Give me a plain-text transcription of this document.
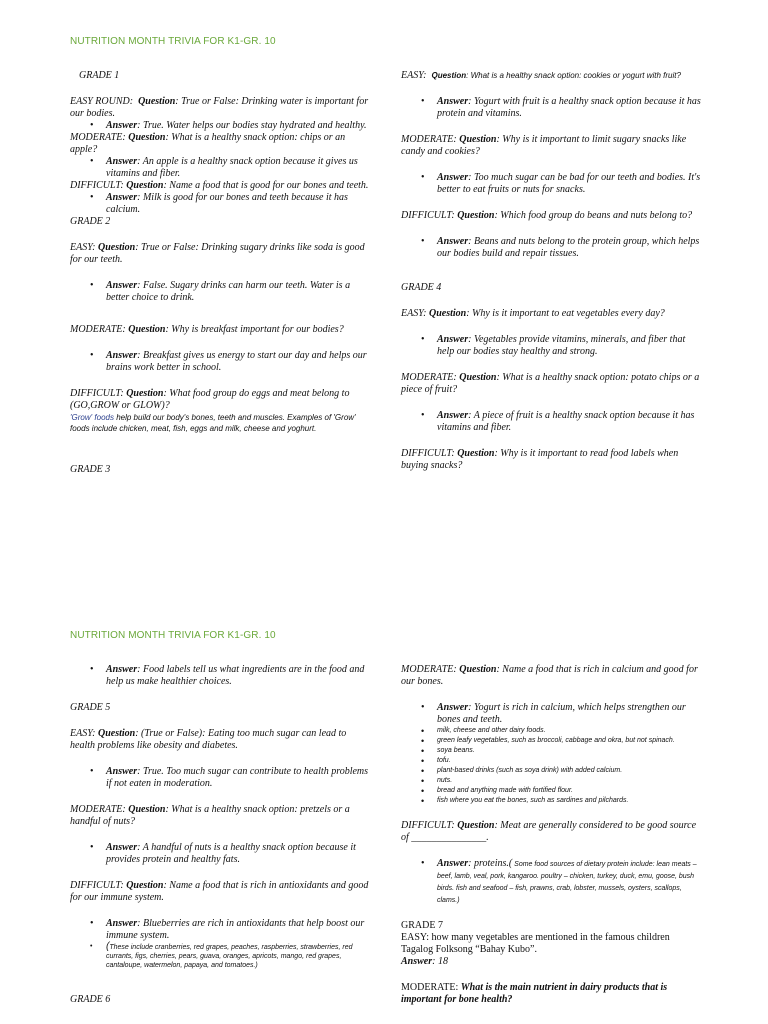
NUTRITION MONTH TRIVIA FOR K1-GR. 10

GRADE 1

EASY ROUND: Question: True or False: Drinking water is important for our bodies.

• Answer: True. Water helps our bodies stay hydrated and healthy.

MODERATE: Question: What is a healthy snack option: chips or an apple?

• Answer: An apple is a healthy snack option because it gives us vitamins and fiber.

DIFFICULT: Question: Name a food that is good for our bones and teeth.

• Answer: Milk is good for our bones and teeth because it has calcium.

GRADE 2

EASY: Question: True or False: Drinking sugary drinks like soda is good for our teeth.

• Answer: False. Sugary drinks can harm our teeth. Water is a better choice to drink.

MODERATE: Question: Why is breakfast important for our bodies?

• Answer: Breakfast gives us energy to start our day and helps our brains work better in school.

DIFFICULT: Question: What food group do eggs and meat belong to (GO,GROW or GLOW)?

'Grow' foods help build our body's bones, teeth and muscles. Examples of 'Grow' foods include chicken, meat, fish, eggs and milk, cheese and yoghurt.

GRADE 3

EASY: Question: What is a healthy snack option: cookies or yogurt with fruit?

• Answer: Yogurt with fruit is a healthy snack option because it has protein and vitamins.

MODERATE: Question: Why is it important to limit sugary snacks like candy and cookies?

• Answer: Too much sugar can be bad for our teeth and bodies. It's better to eat fruits or nuts for snacks.

DIFFICULT: Question: Which food group do beans and nuts belong to?

• Answer: Beans and nuts belong to the protein group, which helps our bodies build and repair tissues.

GRADE 4

EASY: Question: Why is it important to eat vegetables every day?

• Answer: Vegetables provide vitamins, minerals, and fiber that help our bodies stay healthy and strong.

MODERATE: Question: What is a healthy snack option: potato chips or a piece of fruit?

• Answer: A piece of fruit is a healthy snack option because it has vitamins and fiber.

DIFFICULT: Question: Why is it important to read food labels when buying snacks?

NUTRITION MONTH TRIVIA FOR K1-GR. 10
• Answer: Food labels tell us what ingredients are in the food and help us make healthier choices.

GRADE 5

EASY: Question: (True or False): Eating too much sugar can lead to health problems like obesity and diabetes.

• Answer: True. Too much sugar can contribute to health problems if not eaten in moderation.

MODERATE: Question: What is a healthy snack option: pretzels or a handful of nuts?

• Answer: A handful of nuts is a healthy snack option because it provides protein and healthy fats.

DIFFICULT: Question: Name a food that is rich in antioxidants and good for our immune system.

• Answer: Blueberries are rich in antioxidants that help boost our immune system.
• (These include cranberries, red grapes, peaches, raspberries, strawberries, red currants, figs, cherries, pears, guava, oranges, apricots, mango, red grapes, cantaloupe, watermelon, papaya, and tomatoes.)

GRADE 6

MODERATE: Question: Name a food that is rich in calcium and good for our bones.

• Answer: Yogurt is rich in calcium, which helps strengthen our bones and teeth.
• milk, cheese and other dairy foods.
• green leafy vegetables, such as broccoli, cabbage and okra, but not spinach.
• soya beans.
• tofu.
• plant-based drinks (such as soya drink) with added calcium.
• nuts.
• bread and anything made with fortified flour.
• fish where you eat the bones, such as sardines and pilchards.

DIFFICULT: Question: Meat are generally considered to be good source of _______________.

• Answer: proteins.( Some food sources of dietary protein include: lean meats – beef, lamb, veal, pork, kangaroo. poultry – chicken, turkey, duck, emu, goose, bush birds. fish and seafood – fish, prawns, crab, lobster, mussels, oysters, scallops, clams.)

GRADE 7

EASY: how many vegetables are mentioned in the famous children Tagalog Folksong “Bahay Kubo”.

Answer: 18

MODERATE: What is the main nutrient in dairy products that is important for bone health?
